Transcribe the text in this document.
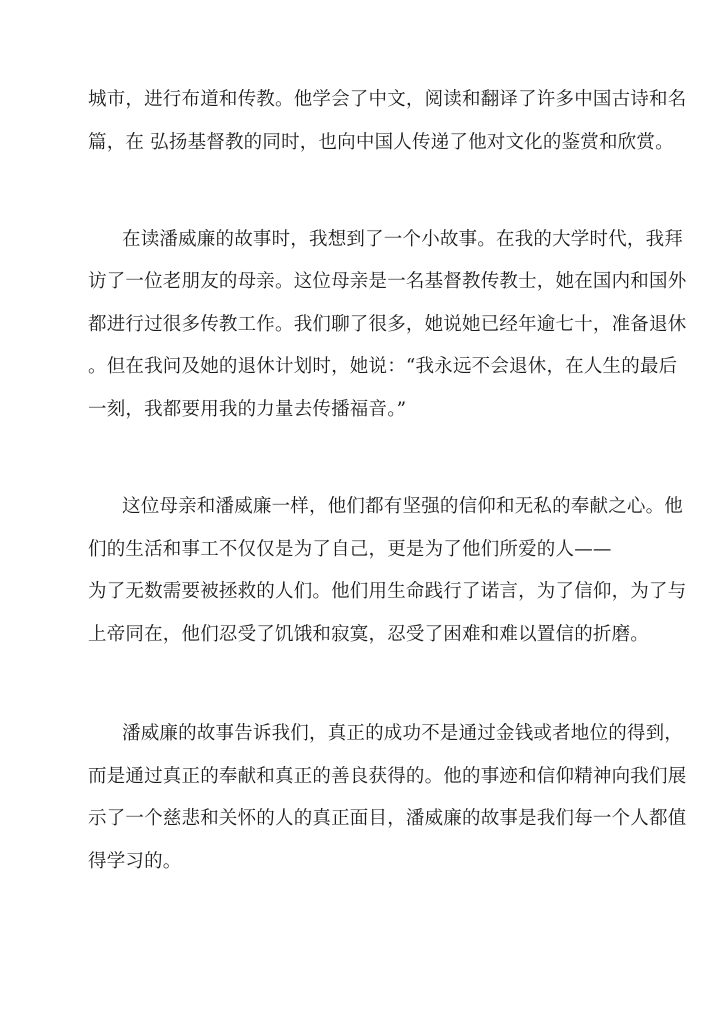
城市，进行布道和传教。他学会了中文，阅读和翻译了许多中国古诗和名

篇，在 弘扬基督教的同时，也向中国人传递了他对文化的鉴赏和欣赏。

在读潘威廉的故事时，我想到了一个小故事。在我的大学时代，我拜

访了一位老朋友的母亲。这位母亲是一名基督教传教士，她在国内和国外

都进行过很多传教工作。我们聊了很多，她说她已经年逾七十，准备退休

。但在我问及她的退休计划时，她说：“我永远不会退休，在人生的最后

一刻，我都要用我的力量去传播福音。”

这位母亲和潘威廉一样，他们都有坚强的信仰和无私的奉献之心。他

们的生活和事工不仅仅是为了自己，更是为了他们所爱的人——

为了无数需要被拯救的人们。他们用生命践行了诺言，为了信仰，为了与

上帝同在，他们忍受了饥饿和寂寞，忍受了困难和难以置信的折磨。

潘威廉的故事告诉我们，真正的成功不是通过金钱或者地位的得到，

而是通过真正的奉献和真正的善良获得的。他的事迹和信仰精神向我们展

示了一个慈悲和关怀的人的真正面目，潘威廉的故事是我们每一个人都值

得学习的。
